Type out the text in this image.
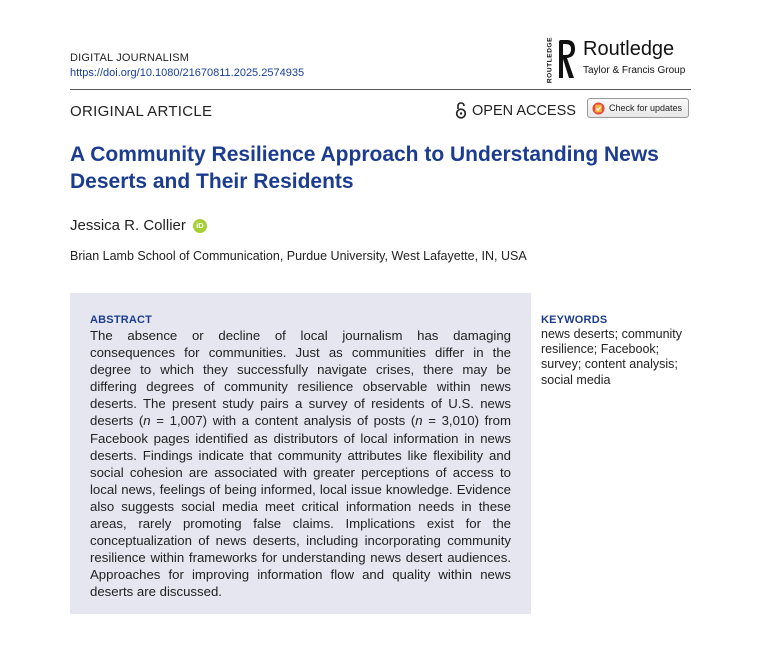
DIGITAL JOURNALISM
https://doi.org/10.1080/21670811.2025.2574935	ROUTLEDGE Routledge
Taylor & Francis Group
ORIGINAL ARTICLE	OPEN ACCESS	Check for updates
A Community Resilience Approach to Understanding News Deserts and Their Residents
Jessica R. Collier	iD
Brian Lamb School of Communication, Purdue University, West Lafayette, IN, USA
ABSTRACT
The absence or decline of local journalism has damaging consequences for communities. Just as communities differ in the degree to which they successfully navigate crises, there may be differing degrees of community resilience observable within news deserts. The present study pairs a survey of residents of U.S. news deserts (n = 1,007) with a content analysis of posts (n = 3,010) from Facebook pages identified as distributors of local information in news deserts. Findings indicate that community attributes like flexibility and social cohesion are associated with greater perceptions of access to local news, feelings of being informed, local issue knowledge. Evidence also suggests social media meet critical information needs in these areas, rarely promoting false claims. Implications exist for the conceptualization of news deserts, including incorporating community resilience within frameworks for understanding news desert audiences. Approaches for improving information flow and quality within news deserts are discussed.
KEYWORDS
news deserts; community resilience; Facebook; survey; content analysis; social media
